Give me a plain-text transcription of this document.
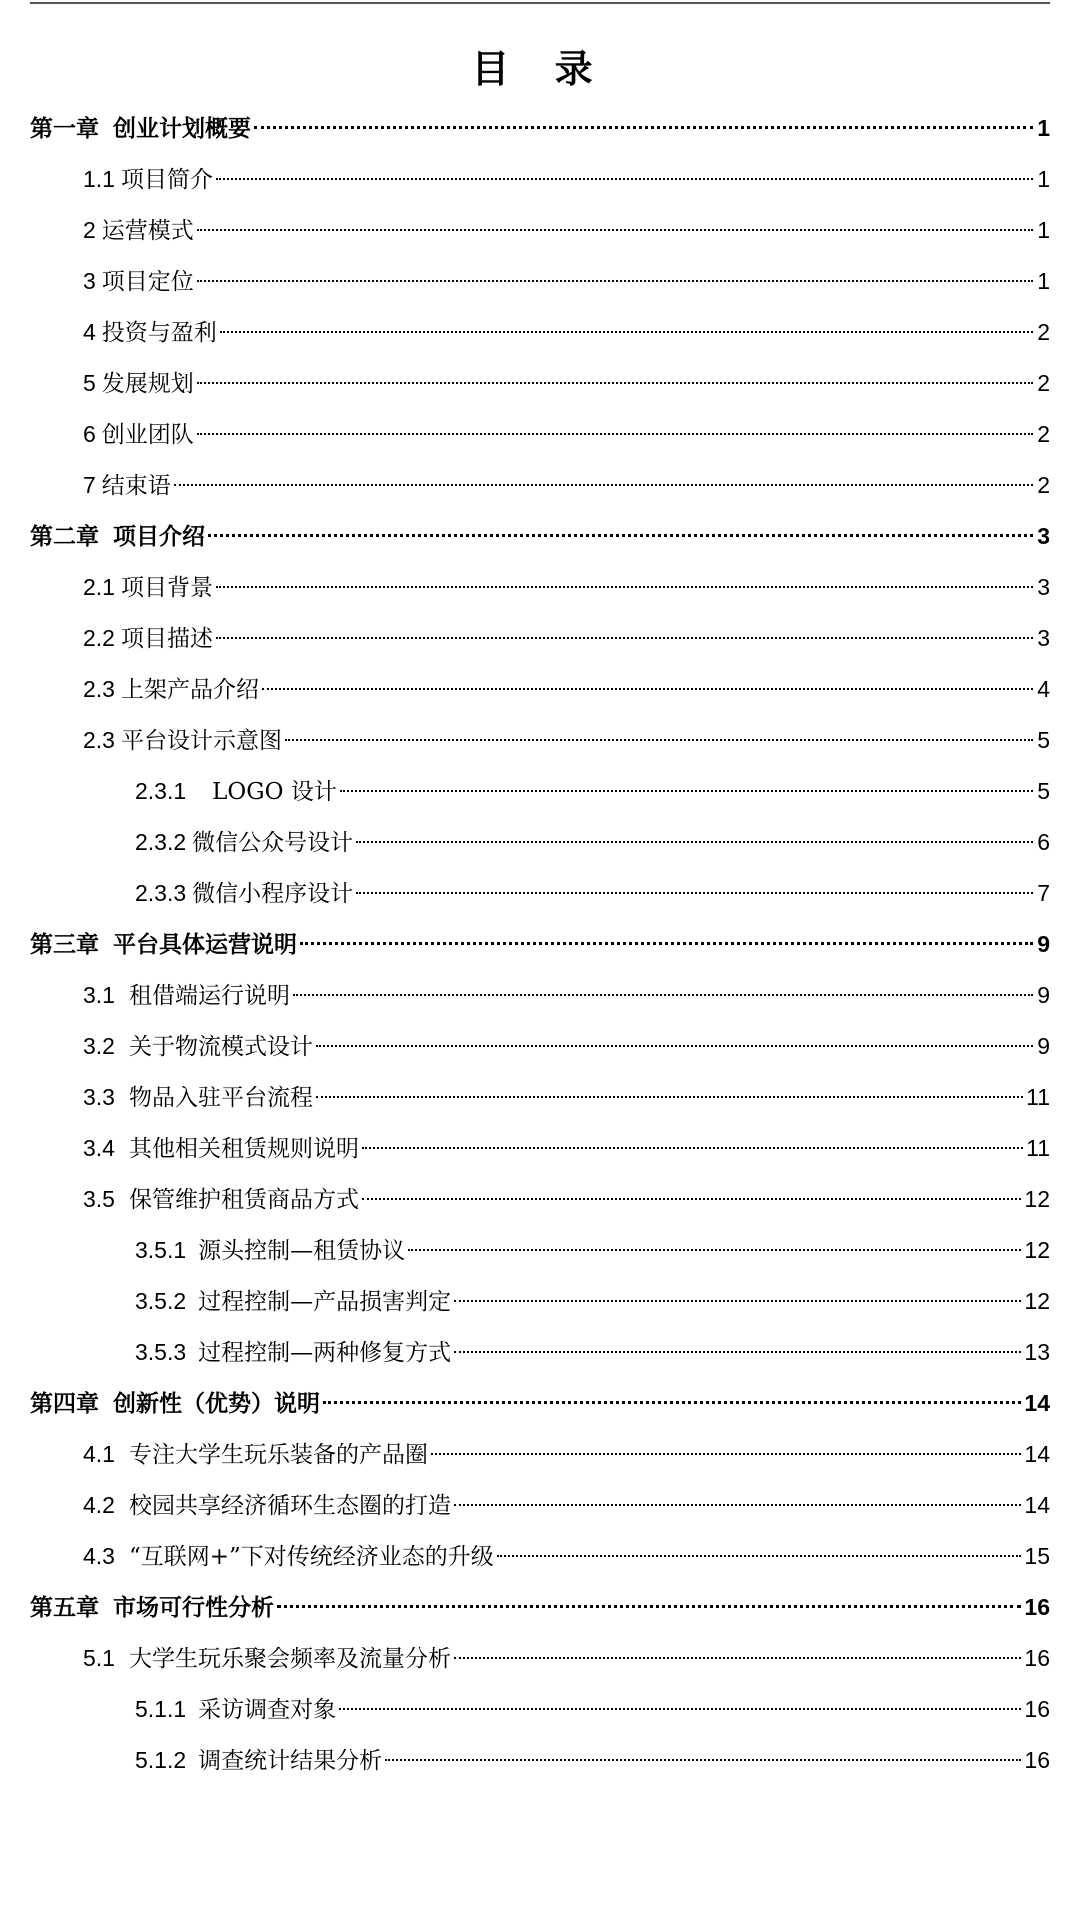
目 录
第一章 创业计划概要	1
1.1 项目简介	1
2 运营模式	1
3 项目定位	1
4 投资与盈利	2
5 发展规划	2
6 创业团队	2
7 结束语	2
第二章 项目介绍	3
2.1 项目背景	3
2.2 项目描述	3
2.3 上架产品介绍	4
2.3 平台设计示意图	5
2.3.1 LOGO 设计	5
2.3.2 微信公众号设计	6
2.3.3 微信小程序设计	7
第三章 平台具体运营说明	9
3.1 租借端运行说明	9
3.2 关于物流模式设计	9
3.3 物品入驻平台流程	11
3.4 其他相关租赁规则说明	11
3.5 保管维护租赁商品方式	12
3.5.1 源头控制—租赁协议	12
3.5.2 过程控制—产品损害判定	12
3.5.3 过程控制—两种修复方式	13
第四章 创新性（优势）说明	14
4.1 专注大学生玩乐装备的产品圈	14
4.2 校园共享经济循环生态圈的打造	14
4.3 “互联网+”下对传统经济业态的升级	15
第五章 市场可行性分析	16
5.1 大学生玩乐聚会频率及流量分析	16
5.1.1 采访调查对象	16
5.1.2 调查统计结果分析	16
